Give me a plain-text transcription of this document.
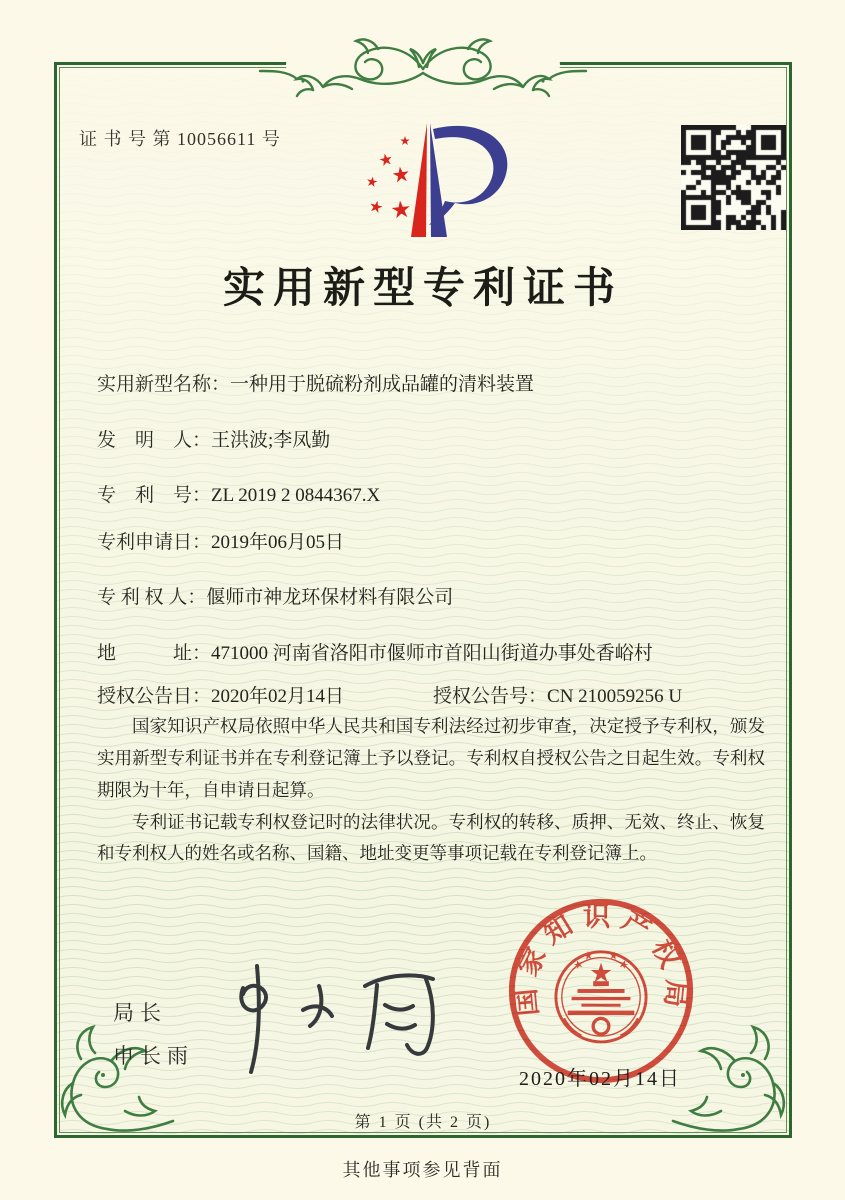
证 书 号 第 10056611 号
实用新型专利证书
实用新型名称：一种用于脱硫粉剂成品罐的清料装置
发　明　人：王洪波;李凤勤
专　利　号：ZL 2019 2 0844367.X
专利申请日：2019年06月05日
专 利 权 人：偃师市神龙环保材料有限公司
地　　　址：471000 河南省洛阳市偃师市首阳山街道办事处香峪村
授权公告日：2020年02月14日	授权公告号：CN 210059256 U

国家知识产权局依照中华人民共和国专利法经过初步审查，决定授予专利权，颁发实用新型专利证书并在专利登记簿上予以登记。专利权自授权公告之日起生效。专利权期限为十年，自申请日起算。

专利证书记载专利权登记时的法律状况。专利权的转移、质押、无效、终止、恢复和专利权人的姓名或名称、国籍、地址变更等事项记载在专利登记簿上。

局长
申长雨
国家知识产权局
2020年02月14日
第 1 页 (共 2 页)
其他事项参见背面
